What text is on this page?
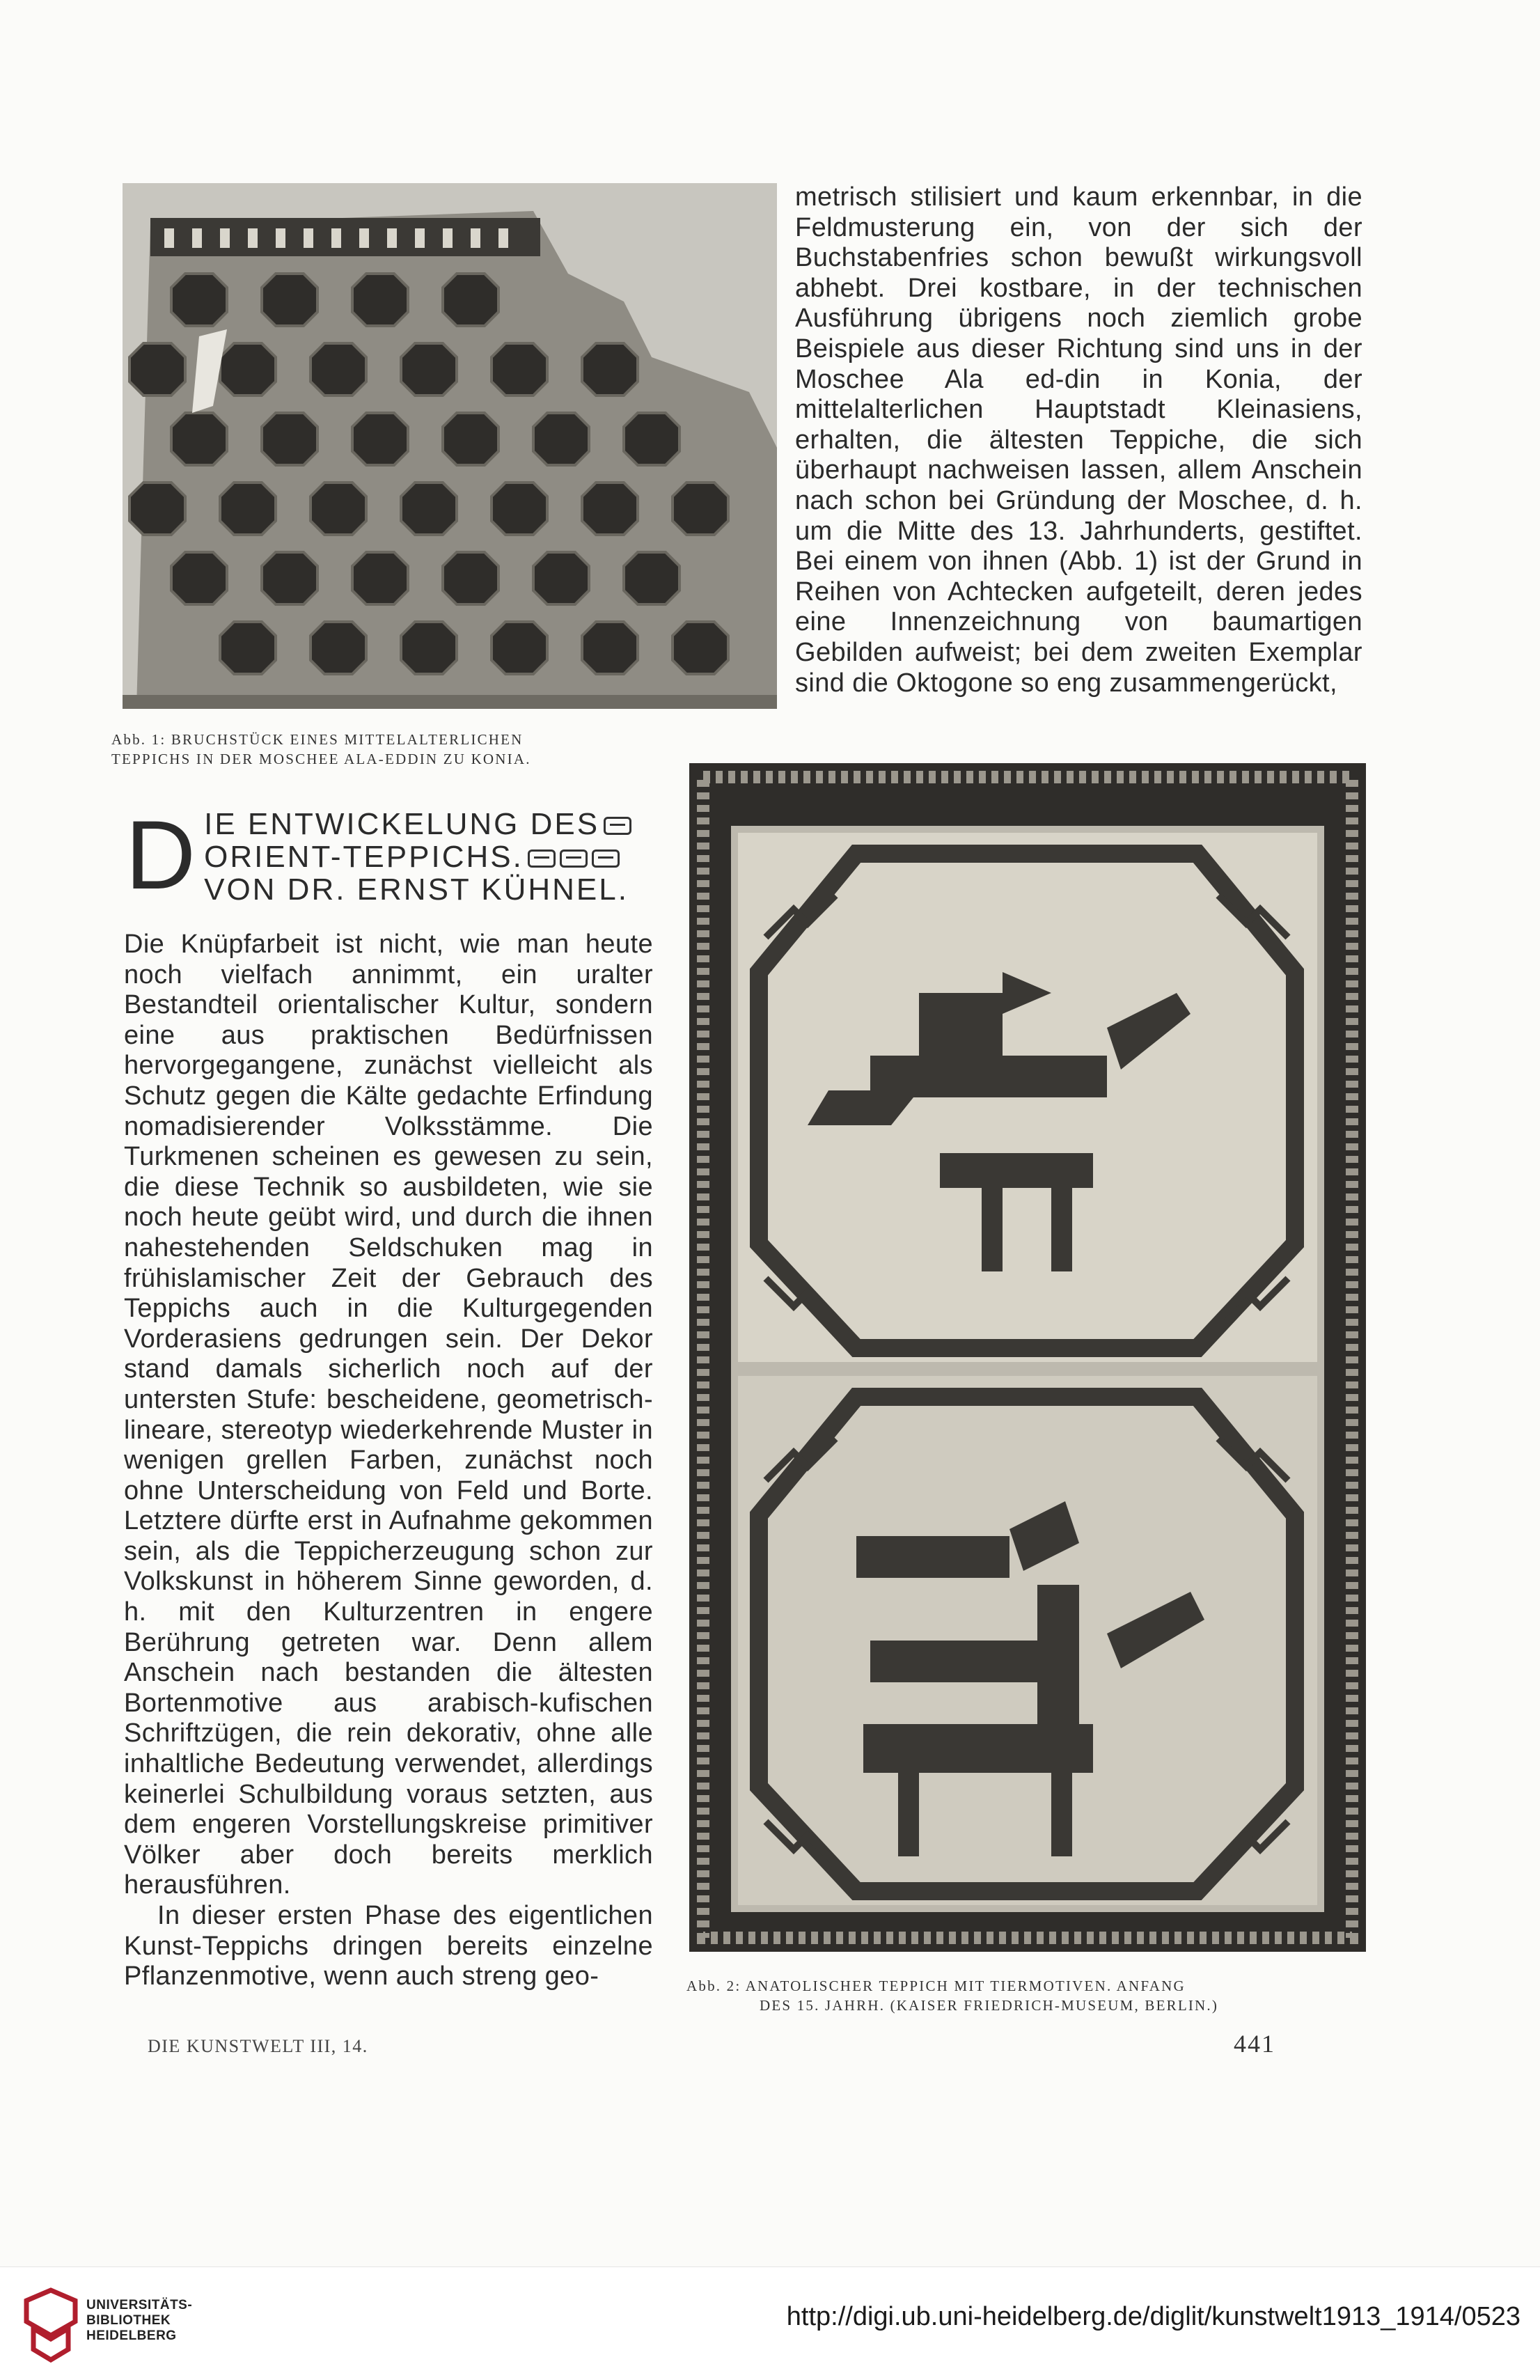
Abb. 1: BRUCHSTÜCK EINES MITTELALTERLICHEN
TEPPICHS IN DER MOSCHEE ALA-EDDIN ZU KONIA.

metrisch stilisiert und kaum erkennbar, in die Feldmusterung ein, von der sich der Buchstabenfries schon bewußt wirkungsvoll abhebt. Drei kostbare, in der technischen Ausführung übrigens noch ziemlich grobe Beispiele aus dieser Richtung sind uns in der Moschee Ala ed-din in Konia, der mittelalterlichen Hauptstadt Kleinasiens, erhalten, die ältesten Teppiche, die sich überhaupt nachweisen lassen, allem Anschein nach schon bei Gründung der Moschee, d. h. um die Mitte des 13. Jahrhunderts, gestiftet. Bei einem von ihnen (Abb. 1) ist der Grund in Reihen von Achtecken aufgeteilt, deren jedes eine Innenzeichnung von baumartigen Gebilden aufweist; bei dem zweiten Exemplar sind die Oktogone so eng zusammengerückt,

D IE ENTWICKELUNG DES
ORIENT-TEPPICHS.
VON DR. ERNST KÜHNEL.

Die Knüpfarbeit ist nicht, wie man heute noch vielfach annimmt, ein uralter Bestandteil orientalischer Kultur, sondern eine aus praktischen Bedürfnissen hervorgegangene, zunächst vielleicht als Schutz gegen die Kälte gedachte Erfindung nomadisierender Volksstämme. Die Turkmenen scheinen es gewesen zu sein, die diese Technik so ausbildeten, wie sie noch heute geübt wird, und durch die ihnen nahestehenden Seldschuken mag in frühislamischer Zeit der Gebrauch des Teppichs auch in die Kulturgegenden Vorderasiens gedrungen sein. Der Dekor stand damals sicherlich noch auf der untersten Stufe: bescheidene, geometrisch-lineare, stereotyp wiederkehrende Muster in wenigen grellen Farben, zunächst noch ohne Unterscheidung von Feld und Borte. Letztere dürfte erst in Aufnahme gekommen sein, als die Teppicherzeugung schon zur Volkskunst in höherem Sinne geworden, d. h. mit den Kulturzentren in engere Berührung getreten war. Denn allem Anschein nach bestanden die ältesten Bortenmotive aus arabisch-kufischen Schriftzügen, die rein dekorativ, ohne alle inhaltliche Bedeutung verwendet, allerdings keinerlei Schulbildung voraus setzten, aus dem engeren Vorstellungskreise primitiver Völker aber doch bereits merklich herausführen.

In dieser ersten Phase des eigentlichen Kunst-Teppichs dringen bereits einzelne Pflanzenmotive, wenn auch streng geo-	Abb. 2: ANATOLISCHER TEPPICH MIT TIERMOTIVEN. ANFANG
DES 15. JAHRH. (KAISER FRIEDRICH-MUSEUM, BERLIN.)
DIE KUNSTWELT III, 14.	441
UNIVERSITÄTS-
BIBLIOTHEK
HEIDELBERG
http://digi.ub.uni-heidelberg.de/diglit/kunstwelt1913_1914/0523
